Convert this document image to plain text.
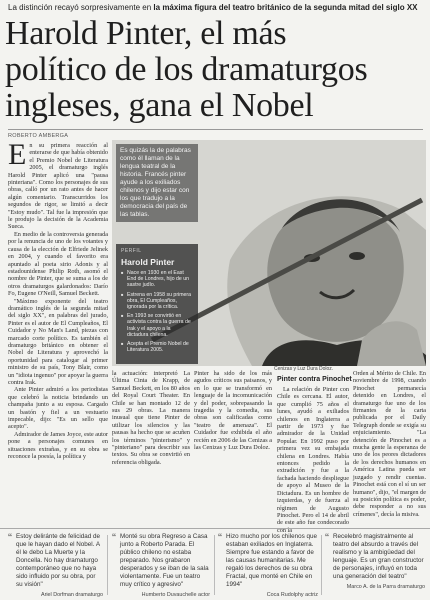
La distinción recayó sorpresivamente en la máxima figura del teatro británico de la segunda mitad del siglo XX
Harold Pinter, el más
político de los dramaturgos
ingleses, gana el Nobel
ROBERTO AMBERGA
E n su primera reacción al enterarse de que había obtenido el Premio Nobel de Literatura 2005, el dramaturgo inglés Harold Pinter aplicó una "pausa pinteriana". Como los personajes de sus obras, calló por un rato antes de hacer algún comentario. Transcurridos los segundos de rigor, se limitó a decir "Estoy mudo". Tal fue la impresión que le produjo la decisión de la Academia Sueca.

En medio de la controversia generada por la renuncia de uno de los votantes y causa de la elección de Elfriede Jelinek en 2004, y cuando el favorito era apuntado al poeta sirio Adonis y al estadounidense Philip Roth, asomó el nombre de Pinter, que se suma a los de otros dramaturgos galardonados: Darío Fo, Eugene O'Neill, Samuel Beckett.

"Máximo exponente del teatro dramático inglés de la segunda mitad del siglo XX", en palabras del jurado, Pinter es el autor de El Cumpleaños, El Cuidador y No Man's Land, piezas con marcado corte político. Es también el dramaturgo británico en obtener el Nobel de Literatura y aprovechó la oportunidad para catalogar al primer ministro de su país, Tony Blair, como un "idiota ingenuo" por apoyar la guerra contra Irak.

Ante Pinter admiró a los periodistas que celebró la noticia brindando un champaña junto a su esposa. Cargado un bastón y fiel a un vestuario impecable, dijo: "Es un sello que acepto".

Admirador de James Joyce, este autor pone a personajes comunes en situaciones extrañas, y en su obra se reconoce la poesía, la política y

Es quizás la de palabras como él llaman de la lengua teatral de la historia. Francés pinter ayude a los exiliados chilenos y dijo estar con los que tradujo a la democracia del país de las tablas.
PERFIL
Harold Pinter
■ Nace en 1930 en el East End de Londres, hijo de un sastre judío.
■ Estrena en 1958 su primera obra, El Cumpleaños, ignorada por la crítica.
■ En 1993 se convirtió en activista contra la guerra de Irak y el apoyo a la dictadura chilena.
■ Acepta el Premio Nobel de Literatura 2005.

la actuación: interpretó La Última Cinta de Krapp, de Samuel Beckett, en los 80 años del Royal Court Theater. En Chile se han montado 12 de sus 29 obras. La manera inusual que tiene Pinter de utilizar los silencios y las pausas ha hecho que se acuñen los términos "pinterismo" y "pinteriano" para describir sus textos. Su obra se convirtió en referencia obligada.

Pinter ha sido de los más agudos críticos sus paisanos, y en lo que se transformó en lenguaje de la incomunicación y del poder, sobrepasando la tragedia y la comedia, sus obras son calificadas como "teatro de amenaza". El Cuidador fue exhibida el año recién en 2006 de las Cenizas a las Cenizas y Luz Dura Doloz.

Cenizas y Luz Dura Doloz.
Pinter contra Pinochet

La relación de Pinter con Chile es cercana. El autor, que cumplió 75 años el lunes, ayudó a exiliados chilenos en Inglaterra a partir de 1973 y fue admirador de la Unidad Popular. En 1992 puso por primera vez su embajada chilena en Londres. Había entonces pedido la extradición y fue a la fachada haciendo despliegue de apoyo al Museo de la Dictadura. Es un hombre de izquierdas, y de fuerza al régimen de Augusto Pinochet. Pero el 14 de abril de este año fue condecorado con la

Orden al Mérito de Chile. En noviembre de 1998, cuando Pinochet permanecía detenido en Londres, el dramaturgo fue uno de los firmantes de la carta publicada por el Daily Telegraph donde se exigía su enjuiciamiento. "La detención de Pinochet es a mucha gente la esperanza de uno de los peores dictadores de los derechos humanos en América Latina pueda ser juzgado y rendir cuentas. Pinochet está con el sí un ser humano", dijo, "el margen de su posición política es poder, debe responder a no sus crímenes", decía la misiva.

“ Estoy deliránte de felicidad de que le hayan dado el Nobel. A él le debo La Muerte y la Doncella. No hay dramaturgo contemporáneo que no haya sido influido por su obra, por su visión"
Ariel Dorfman dramaturgo
“ Monté su obra Regreso a Casa junto a Roberto Parada. El público chileno no estaba preparado. Nos grabaron desperados y se iban de la sala violentamente. Fue un teatro muy crítico y agresivo"
Humberto Duvauchelle actor
“ Hizo mucho por los chilenos que estaban exiliados en Inglaterra. Siempre fue estando a favor de las causas humanitarias. Me regaló los derechos de su obra Fractal, que monté en Chile en 1994"
Coca Rudolphy actriz
“ Recelebró magistralmente al teatro del absurdo a través del realismo y la ambigüedad del lenguaje. Es un gran constructor de personajes, influyó en toda una generación del teatro"
Marco A. de la Parra dramaturgo
